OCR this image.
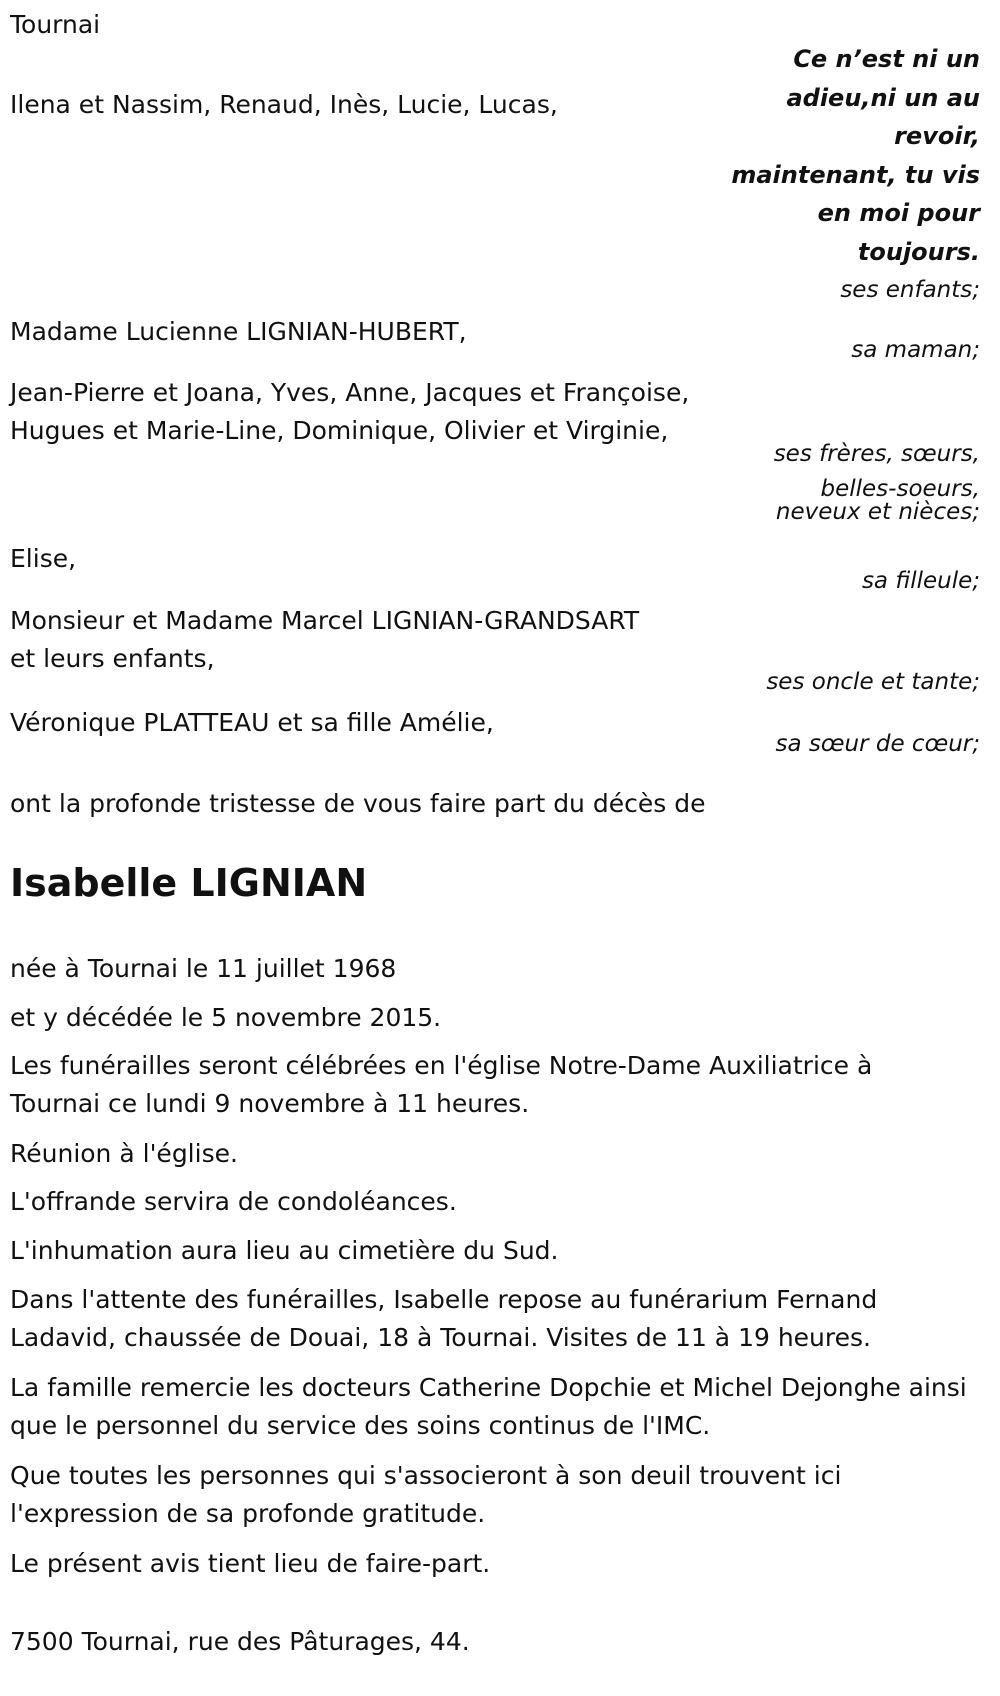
Tournai
Ce n’est ni un
adieu,ni un au
revoir,
maintenant, tu vis
en moi pour
toujours.
Ilena et Nassim, Renaud, Inès, Lucie, Lucas,
ses enfants;
Madame Lucienne LIGNIAN-HUBERT,
sa maman;
Jean-Pierre et Joana, Yves, Anne, Jacques et Françoise,
Hugues et Marie-Line, Dominique, Olivier et Virginie,
ses frères, sœurs,
belles-soeurs,
neveux et nièces;
Elise,
sa filleule;
Monsieur et Madame Marcel LIGNIAN-GRANDSART
et leurs enfants,
ses oncle et tante;
Véronique PLATTEAU et sa fille Amélie,
sa sœur de cœur;
ont la profonde tristesse de vous faire part du décès de
Isabelle LIGNIAN
née à Tournai le 11 juillet 1968
et y décédée le 5 novembre 2015.
Les funérailles seront célébrées en l'église Notre-Dame Auxiliatrice à Tournai ce lundi 9 novembre à 11 heures.
Réunion à l'église.
L'offrande servira de condoléances.
L'inhumation aura lieu au cimetière du Sud.
Dans l'attente des funérailles, Isabelle repose au funérarium Fernand Ladavid, chaussée de Douai, 18 à Tournai. Visites de 11 à 19 heures.
La famille remercie les docteurs Catherine Dopchie et Michel Dejonghe ainsi que le personnel du service des soins continus de l'IMC.
Que toutes les personnes qui s'associeront à son deuil trouvent ici l'expression de sa profonde gratitude.
Le présent avis tient lieu de faire-part.
7500 Tournai, rue des Pâturages, 44.
